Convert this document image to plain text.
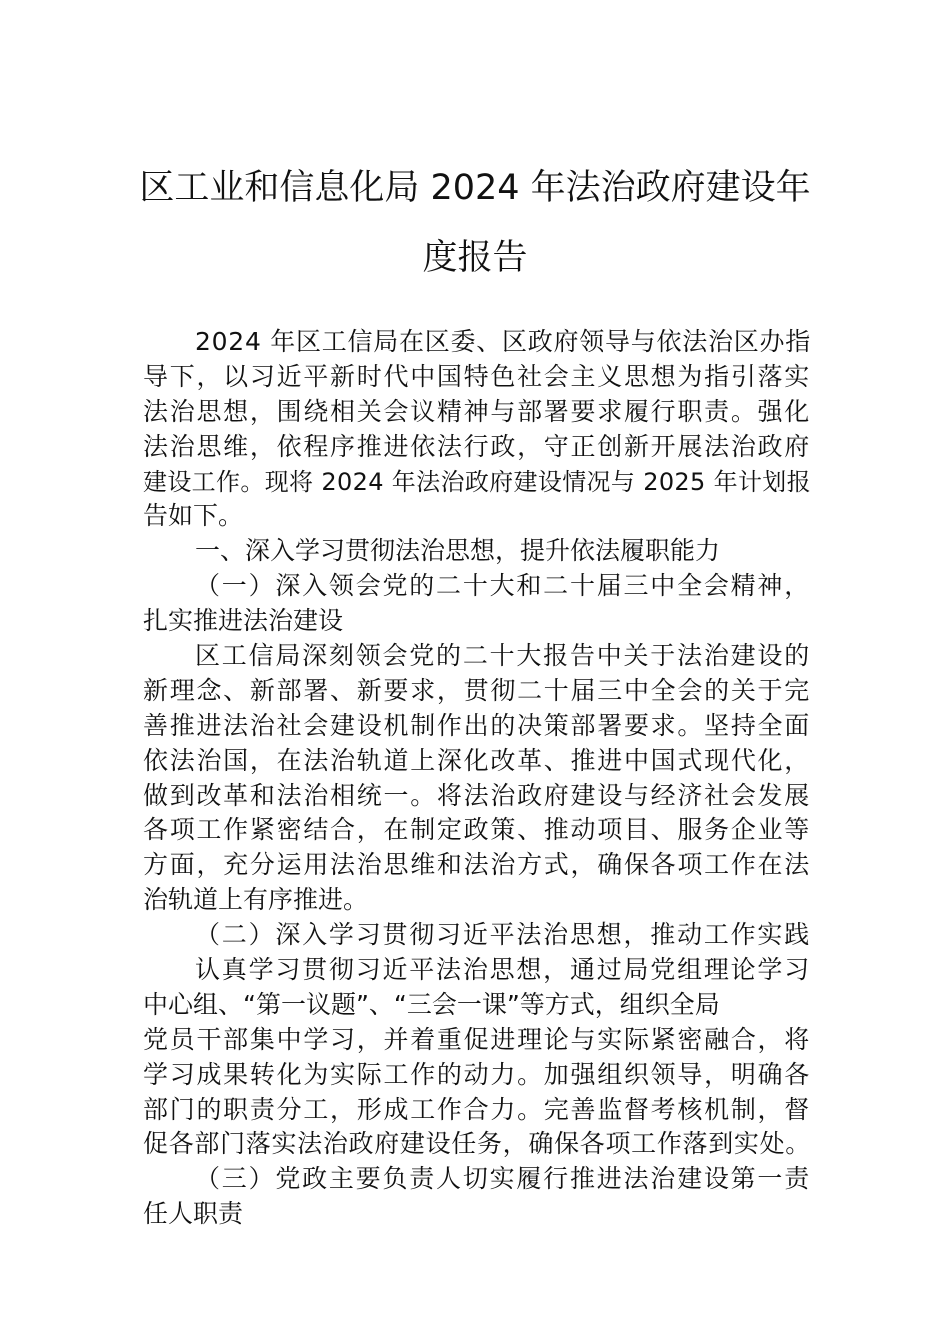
区工业和信息化局 2024 年法治政府建设年
度报告
2024 年区工信局在区委、区政府领导与依法治区办指
导下，以习近平新时代中国特色社会主义思想为指引落实
法治思想，围绕相关会议精神与部署要求履行职责。强化
法治思维，依程序推进依法行政，守正创新开展法治政府
建设工作。现将 2024 年法治政府建设情况与 2025 年计划报
告如下。
一、深入学习贯彻法治思想，提升依法履职能力
（一）深入领会党的二十大和二十届三中全会精神，
扎实推进法治建设
区工信局深刻领会党的二十大报告中关于法治建设的
新理念、新部署、新要求，贯彻二十届三中全会的关于完
善推进法治社会建设机制作出的决策部署要求。坚持全面
依法治国，在法治轨道上深化改革、推进中国式现代化，
做到改革和法治相统一。将法治政府建设与经济社会发展
各项工作紧密结合，在制定政策、推动项目、服务企业等
方面，充分运用法治思维和法治方式，确保各项工作在法
治轨道上有序推进。
（二）深入学习贯彻习近平法治思想，推动工作实践
认真学习贯彻习近平法治思想，通过局党组理论学习
中心组、“第一议题”、“三会一课”等方式，组织全局
党员干部集中学习，并着重促进理论与实际紧密融合，将
学习成果转化为实际工作的动力。加强组织领导，明确各
部门的职责分工，形成工作合力。完善监督考核机制，督
促各部门落实法治政府建设任务，确保各项工作落到实处。
（三）党政主要负责人切实履行推进法治建设第一责
任人职责
